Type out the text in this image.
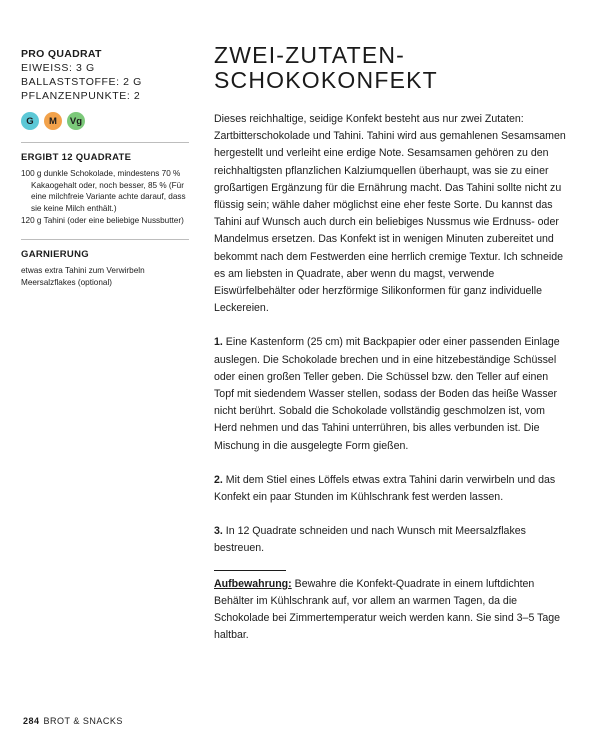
PRO QUADRAT
EIWEISS: 3 G
BALLASTSTOFFE: 2 G
PFLANZENPUNKTE: 2
G	M	Vg
ERGIBT 12 QUADRATE
100 g dunkle Schokolade, mindestens 70 % Kakaogehalt oder, noch besser, 85 % (Für eine milchfreie Variante achte darauf, dass sie keine Milch enthält.)
120 g Tahini (oder eine beliebige Nussbutter)
GARNIERUNG
etwas extra Tahini zum Verwirbeln Meersalzflakes (optional)
ZWEI-ZUTATEN-
SCHOKOKONFEKT

Dieses reichhaltige, seidige Konfekt besteht aus nur zwei Zutaten: Zartbitterschokolade und Tahini. Tahini wird aus gemahlenen Sesamsamen hergestellt und verleiht eine erdige Note. Sesamsamen gehören zu den reichhaltigsten pflanzlichen Kalziumquellen überhaupt, was sie zu einer großartigen Ergänzung für die Ernährung macht. Das Tahini sollte nicht zu flüssig sein; wähle daher möglichst eine eher feste Sorte. Du kannst das Tahini auf Wunsch auch durch ein beliebiges Nussmus wie Erdnuss- oder Mandelmus ersetzen. Das Konfekt ist in wenigen Minuten zubereitet und bekommt nach dem Festwerden eine herrlich cremige Textur. Ich schneide es am liebsten in Quadrate, aber wenn du magst, verwende Eiswürfelbehälter oder herzförmige Silikonformen für ganz individuelle Leckereien.

1. Eine Kastenform (25 cm) mit Backpapier oder einer passenden Einlage auslegen. Die Schokolade brechen und in eine hitzebeständige Schüssel oder einen großen Teller geben. Die Schüssel bzw. den Teller auf einen Topf mit siedendem Wasser stellen, sodass der Boden das heiße Wasser nicht berührt. Sobald die Schokolade vollständig geschmolzen ist, vom Herd nehmen und das Tahini unterrühren, bis alles verbunden ist. Die Mischung in die ausgelegte Form gießen.

2. Mit dem Stiel eines Löffels etwas extra Tahini darin verwirbeln und das Konfekt ein paar Stunden im Kühlschrank fest werden lassen.

3. In 12 Quadrate schneiden und nach Wunsch mit Meersalzflakes bestreuen.

Aufbewahrung: Bewahre die Konfekt-Quadrate in einem luftdichten Behälter im Kühlschrank auf, vor allem an warmen Tagen, da die Schokolade bei Zimmertemperatur weich werden kann. Sie sind 3–5 Tage haltbar.

284 BROT & SNACKS
